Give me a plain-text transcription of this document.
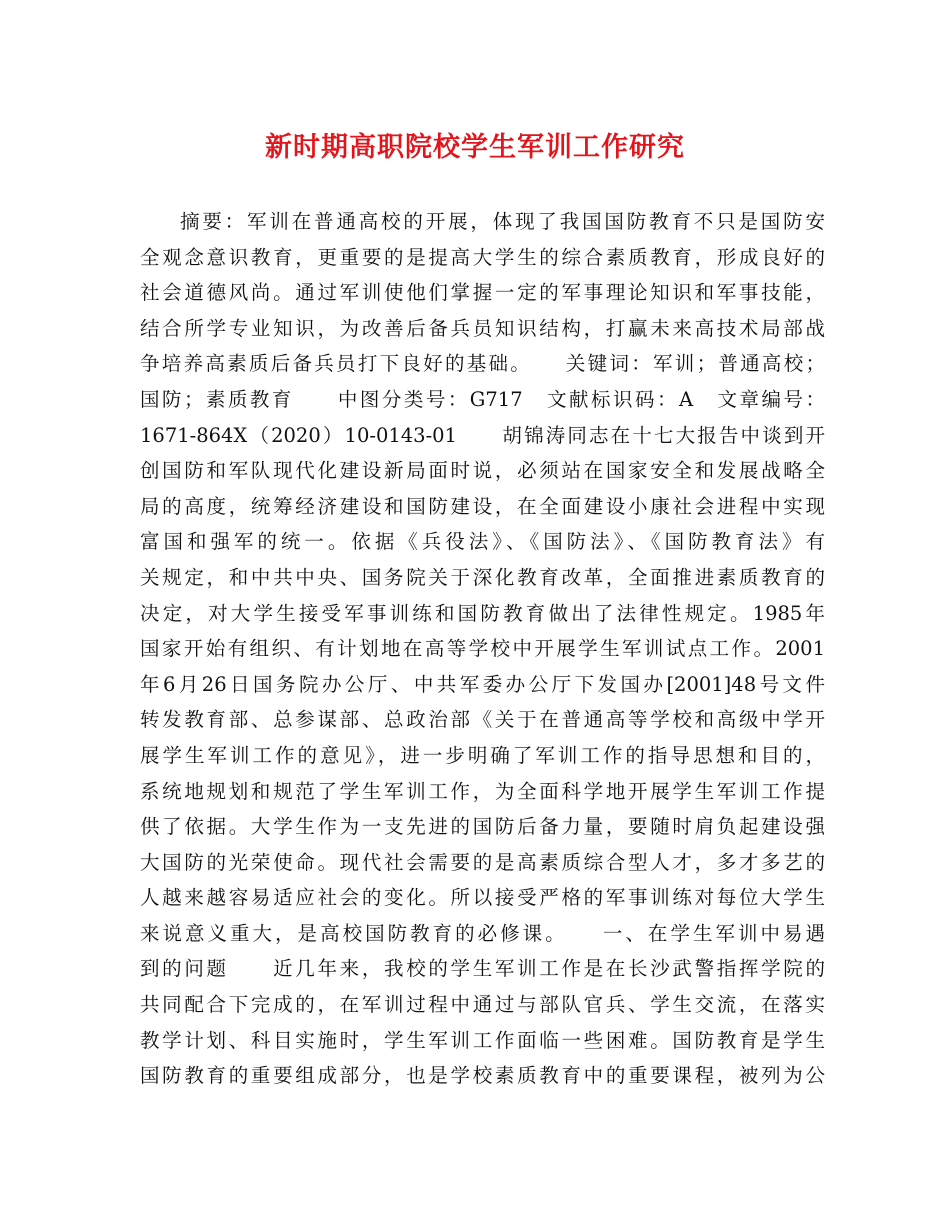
新时期高职院校学生军训工作研究
摘要：军训在普通高校的开展，体现了我国国防教育不只是国防安
全观念意识教育，更重要的是提高大学生的综合素质教育，形成良好的
社会道德风尚。通过军训使他们掌握一定的军事理论知识和军事技能，
结合所学专业知识，为改善后备兵员知识结构，打赢未来高技术局部战
争培养高素质后备兵员打下良好的基础。　　关键词：军训；普通高校；
国防；素质教育　　中图分类号：G717　文献标识码：A　文章编号：
1671-864X（2020）10-0143-01　　胡锦涛同志在十七大报告中谈到开
创国防和军队现代化建设新局面时说，必须站在国家安全和发展战略全
局的高度，统筹经济建设和国防建设，在全面建设小康社会进程中实现
富国和强军的统一。依据《兵役法》、《国防法》、《国防教育法》有
关规定，和中共中央、国务院关于深化教育改革，全面推进素质教育的
决定，对大学生接受军事训练和国防教育做出了法律性规定。1985年
国家开始有组织、有计划地在高等学校中开展学生军训试点工作。2001
年6月26日国务院办公厅、中共军委办公厅下发国办[2001]48号文件
转发教育部、总参谋部、总政治部《关于在普通高等学校和高级中学开
展学生军训工作的意见》，进一步明确了军训工作的指导思想和目的，
系统地规划和规范了学生军训工作，为全面科学地开展学生军训工作提
供了依据。大学生作为一支先进的国防后备力量，要随时肩负起建设强
大国防的光荣使命。现代社会需要的是高素质综合型人才，多才多艺的
人越来越容易适应社会的变化。所以接受严格的军事训练对每位大学生
来说意义重大，是高校国防教育的必修课。　　一、在学生军训中易遇
到的问题　　近几年来，我校的学生军训工作是在长沙武警指挥学院的
共同配合下完成的，在军训过程中通过与部队官兵、学生交流，在落实
教学计划、科目实施时，学生军训工作面临一些困难。国防教育是学生
国防教育的重要组成部分，也是学校素质教育中的重要课程，被列为公
